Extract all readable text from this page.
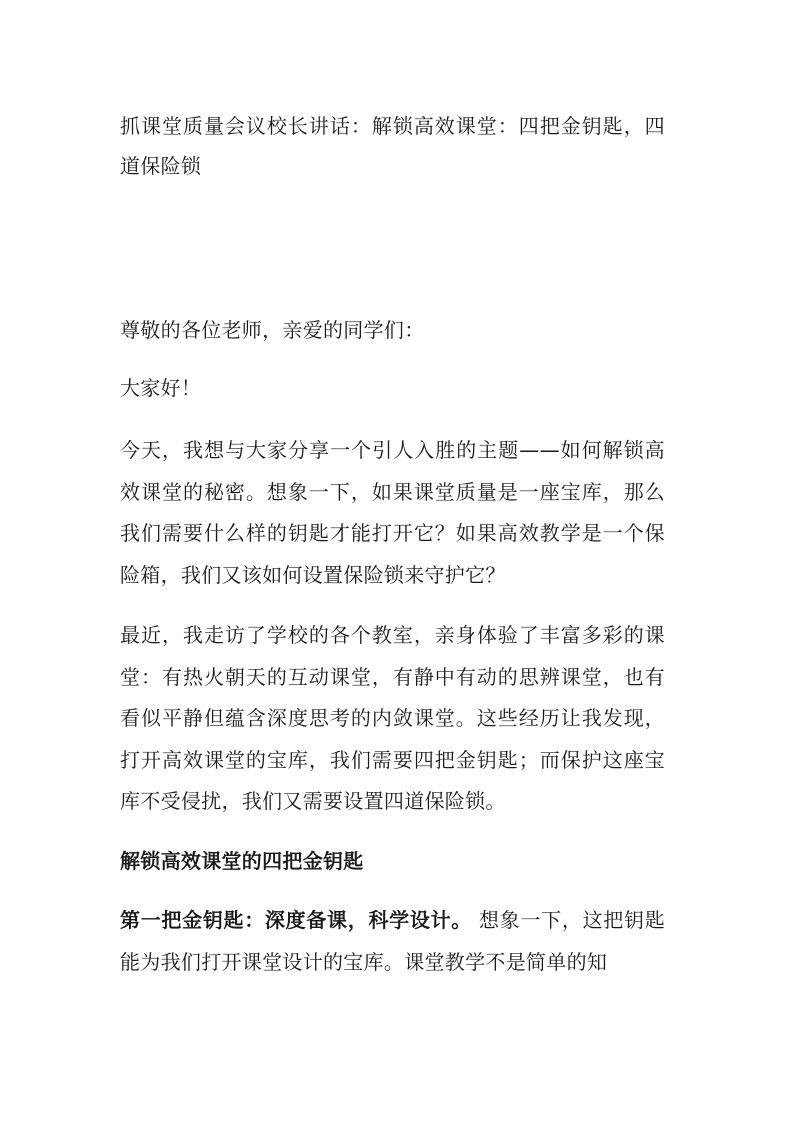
抓课堂质量会议校长讲话：解锁高效课堂：四把金钥匙，四道保险锁

尊敬的各位老师，亲爱的同学们：

大家好！

今天，我想与大家分享一个引人入胜的主题——如何解锁高效课堂的秘密。想象一下，如果课堂质量是一座宝库，那么我们需要什么样的钥匙才能打开它？如果高效教学是一个保险箱，我们又该如何设置保险锁来守护它？

最近，我走访了学校的各个教室，亲身体验了丰富多彩的课堂：有热火朝天的互动课堂，有静中有动的思辨课堂，也有看似平静但蕴含深度思考的内敛课堂。这些经历让我发现，打开高效课堂的宝库，我们需要四把金钥匙；而保护这座宝库不受侵扰，我们又需要设置四道保险锁。

解锁高效课堂的四把金钥匙

第一把金钥匙：深度备课，科学设计。 想象一下，这把钥匙能为我们打开课堂设计的宝库。课堂教学不是简单的知
